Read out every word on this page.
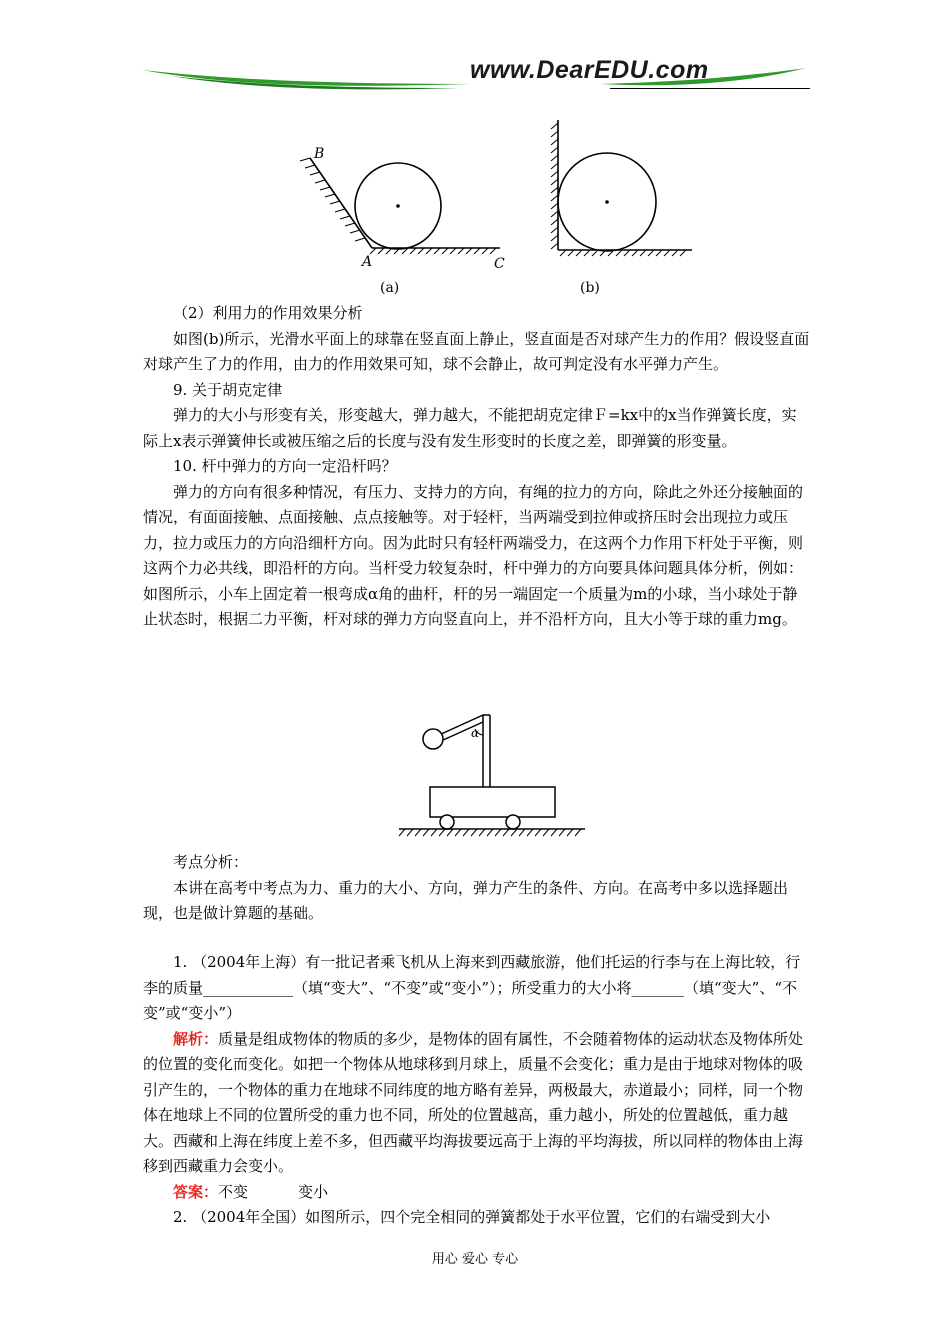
www.DearEDU.com
B
A	C
(a)	(b)
（2）利用力的作用效果分析
如图(b)所示，光滑水平面上的球靠在竖直面上静止，竖直面是否对球产生力的作用？假设竖直面对球产生了力的作用，由力的作用效果可知，球不会静止，故可判定没有水平弹力产生。
9. 关于胡克定律
弹力的大小与形变有关，形变越大，弹力越大，不能把胡克定律Ｆ=kx中的x当作弹簧长度，实际上x表示弹簧伸长或被压缩之后的长度与没有发生形变时的长度之差，即弹簧的形变量。
10. 杆中弹力的方向一定沿杆吗？
弹力的方向有很多种情况，有压力、支持力的方向，有绳的拉力的方向，除此之外还分接触面的情况，有面面接触、点面接触、点点接触等。对于轻杆，当两端受到拉伸或挤压时会出现拉力或压力，拉力或压力的方向沿细杆方向。因为此时只有轻杆两端受力，在这两个力作用下杆处于平衡，则这两个力必共线，即沿杆的方向。当杆受力较复杂时，杆中弹力的方向要具体问题具体分析，例如：如图所示，小车上固定着一根弯成α角的曲杆，杆的另一端固定一个质量为m的小球，当小球处于静止状态时，根据二力平衡，杆对球的弹力方向竖直向上，并不沿杆方向，且大小等于球的重力mg。
α
考点分析：
本讲在高考中考点为力、重力的大小、方向，弹力产生的条件、方向。在高考中多以选择题出现，也是做计算题的基础。
1. （2004年上海）有一批记者乘飞机从上海来到西藏旅游，他们托运的行李与在上海比较，行李的质量____________（填“变大”、“不变”或“变小”）；所受重力的大小将_______（填“变大”、“不变”或“变小”）
解析：质量是组成物体的物质的多少，是物体的固有属性，不会随着物体的运动状态及物体所处的位置的变化而变化。如把一个物体从地球移到月球上，质量不会变化；重力是由于地球对物体的吸引产生的，一个物体的重力在地球不同纬度的地方略有差异，两极最大，赤道最小；同样，同一个物体在地球上不同的位置所受的重力也不同，所处的位置越高，重力越小，所处的位置越低，重力越大。西藏和上海在纬度上差不多，但西藏平均海拔要远高于上海的平均海拔，所以同样的物体由上海移到西藏重力会变小。
答案：不变	变小
2. （2004年全国）如图所示，四个完全相同的弹簧都处于水平位置，它们的右端受到大小
用心 爱心 专心
